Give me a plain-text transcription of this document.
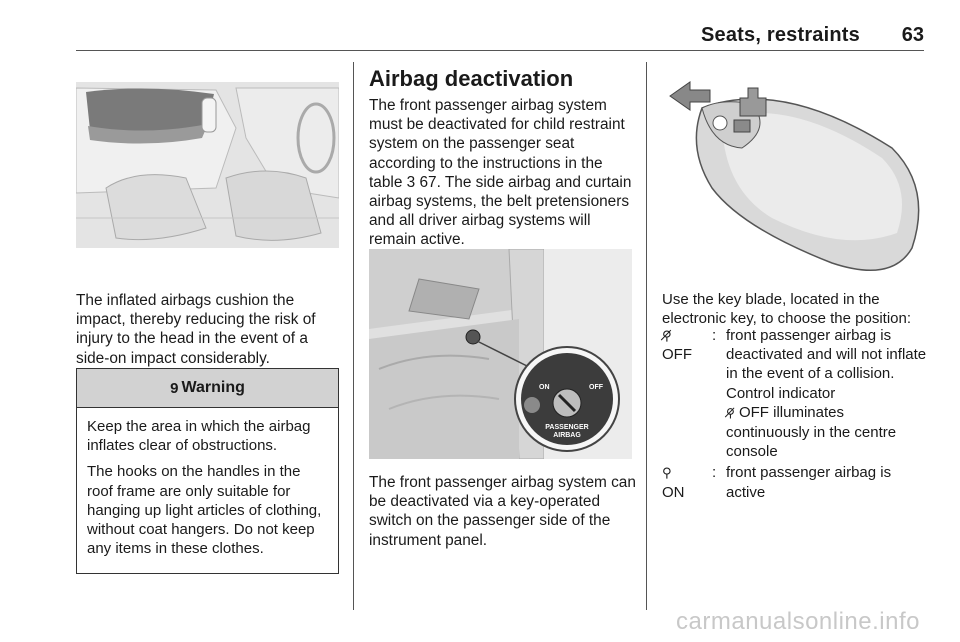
Seats, restraints 63

The inflated airbags cushion the impact, thereby reducing the risk of injury to the head in the event of a side-on impact considerably.

9 Warning

Keep the area in which the airbag inflates clear of obstructions.

The hooks on the handles in the roof frame are only suitable for hanging up light articles of clothing, without coat hangers. Do not keep any items in these clothes.

Airbag deactivation

The front passenger airbag system must be deactivated for child restraint system on the passenger seat according to the instructions in the table 3 67. The side airbag and curtain airbag systems, the belt pretensioners and all driver airbag systems will remain active.

ON	OFF
PASSENGER
AIRBAG

The front passenger airbag system can be deactivated via a key-operated switch on the passenger side of the instrument panel.

Use the key blade, located in the electronic key, to choose the position:

⚲̸
OFF
: front passenger airbag is deactivated and will not inflate in the event of a collision. Control indicator
⚲̸ OFF illuminates continuously in the centre console
⚲
ON
: front passenger airbag is active
carmanualsonline.info
